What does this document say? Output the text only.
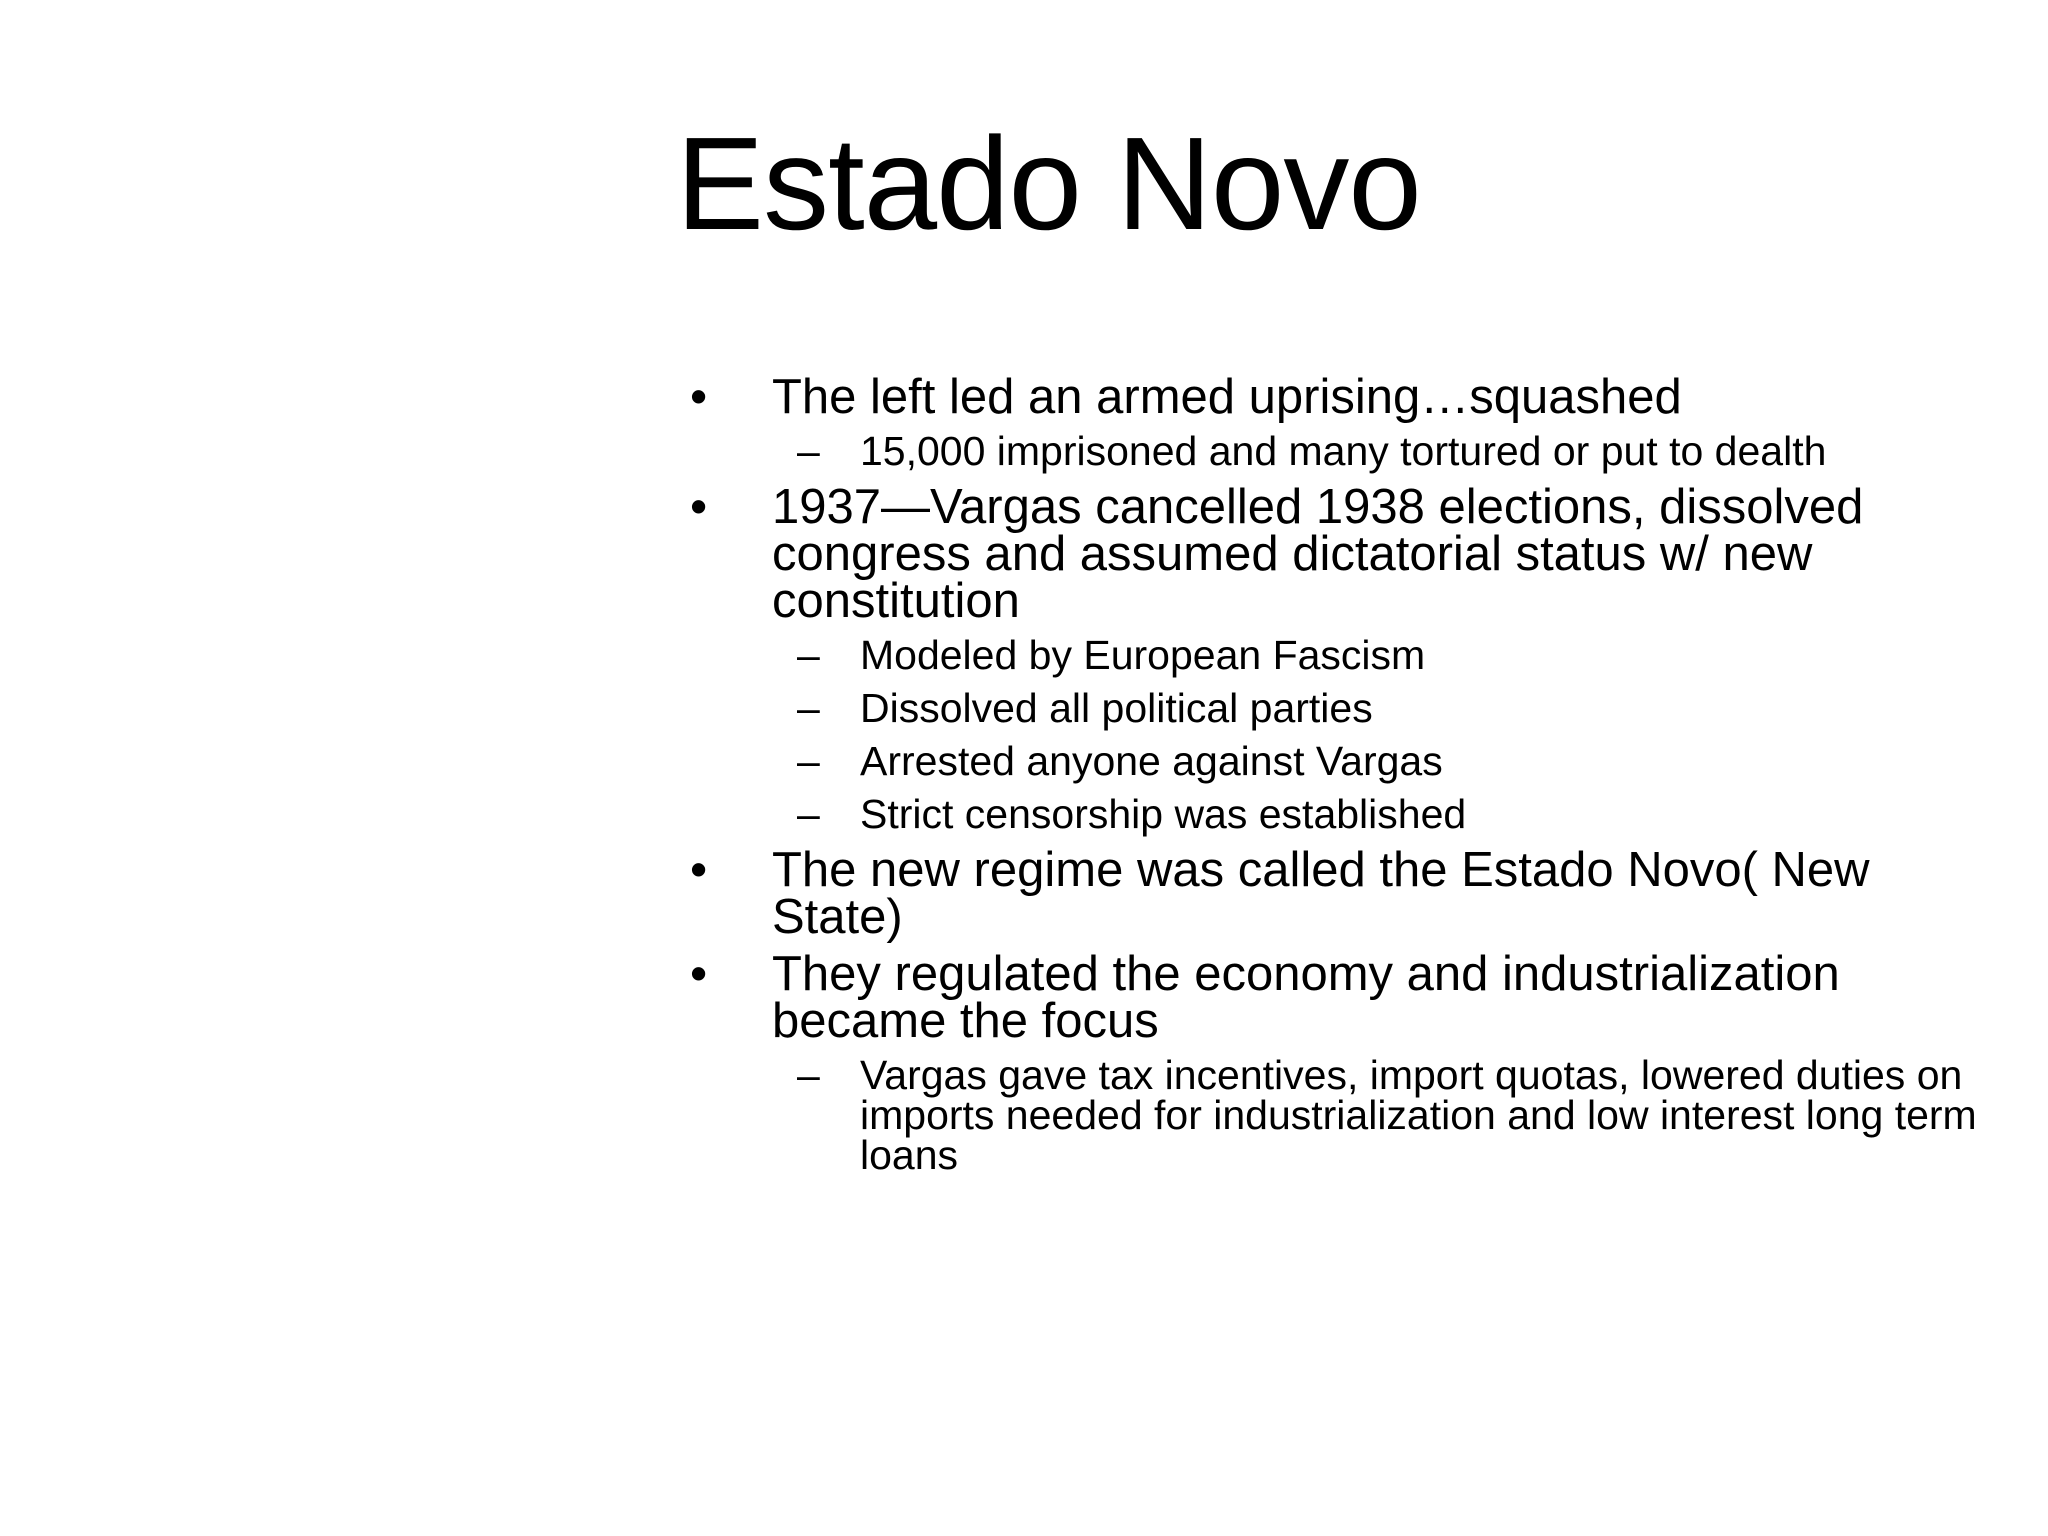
Estado Novo
• The left led an armed uprising…squashed
– 15,000 imprisoned and many tortured or put to dealth
• 1937—Vargas cancelled 1938 elections, dissolved congress and assumed dictatorial status w/ new constitution
– Modeled by European Fascism
– Dissolved all political parties
– Arrested anyone against Vargas
– Strict censorship was established
• The new regime was called the Estado Novo( New State)
• They regulated the economy and industrialization became the focus
– Vargas gave tax incentives, import quotas, lowered duties on imports needed for industrialization and low interest long term loans
